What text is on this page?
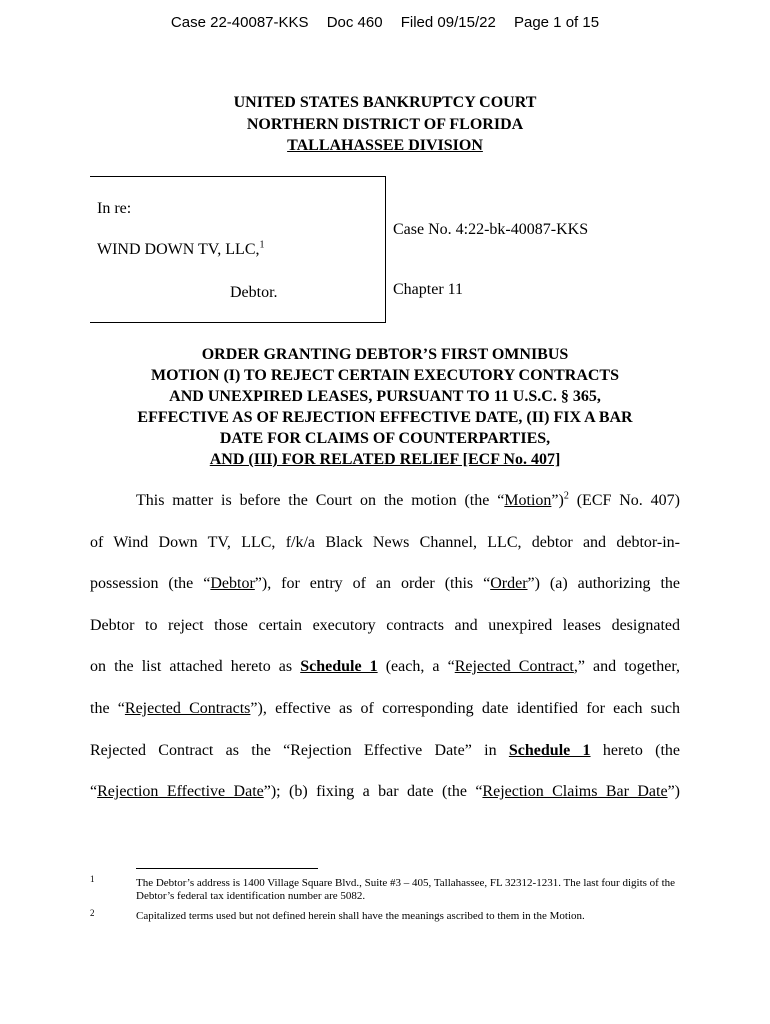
Case 22-40087-KKS Doc 460 Filed 09/15/22 Page 1 of 15
UNITED STATES BANKRUPTCY COURT
NORTHERN DISTRICT OF FLORIDA
TALLAHASSEE DIVISION
In re:
WIND DOWN TV, LLC,$^1$
Debtor.
Case No. 4:22-bk-40087-KKS
Chapter 11
ORDER GRANTING DEBTOR’S FIRST OMNIBUS
MOTION (I) TO REJECT CERTAIN EXECUTORY CONTRACTS
AND UNEXPIRED LEASES, PURSUANT TO 11 U.S.C. § 365,
EFFECTIVE AS OF REJECTION EFFECTIVE DATE, (II) FIX A BAR
DATE FOR CLAIMS OF COUNTERPARTIES,
AND (III) FOR RELATED RELIEF [ECF No. 407]
This matter is before the Court on the motion (the “Motion”)$^2$ (ECF No. 407)
of Wind Down TV, LLC, f/k/a Black News Channel, LLC, debtor and debtor-in-
possession (the “Debtor”), for entry of an order (this “Order”) (a) authorizing the
Debtor to reject those certain executory contracts and unexpired leases designated
on the list attached hereto as Schedule 1 (each, a “Rejected Contract,” and together,
the “Rejected Contracts”), effective as of corresponding date identified for each such
Rejected Contract as the “Rejection Effective Date” in Schedule 1 hereto (the
“Rejection Effective Date”); (b) fixing a bar date (the “Rejection Claims Bar Date”)
1	The Debtor’s address is 1400 Village Square Blvd., Suite #3 – 405, Tallahassee, FL 32312-1231. The last four digits of the Debtor’s federal tax identification number are 5082.
2	Capitalized terms used but not defined herein shall have the meanings ascribed to them in the Motion.
